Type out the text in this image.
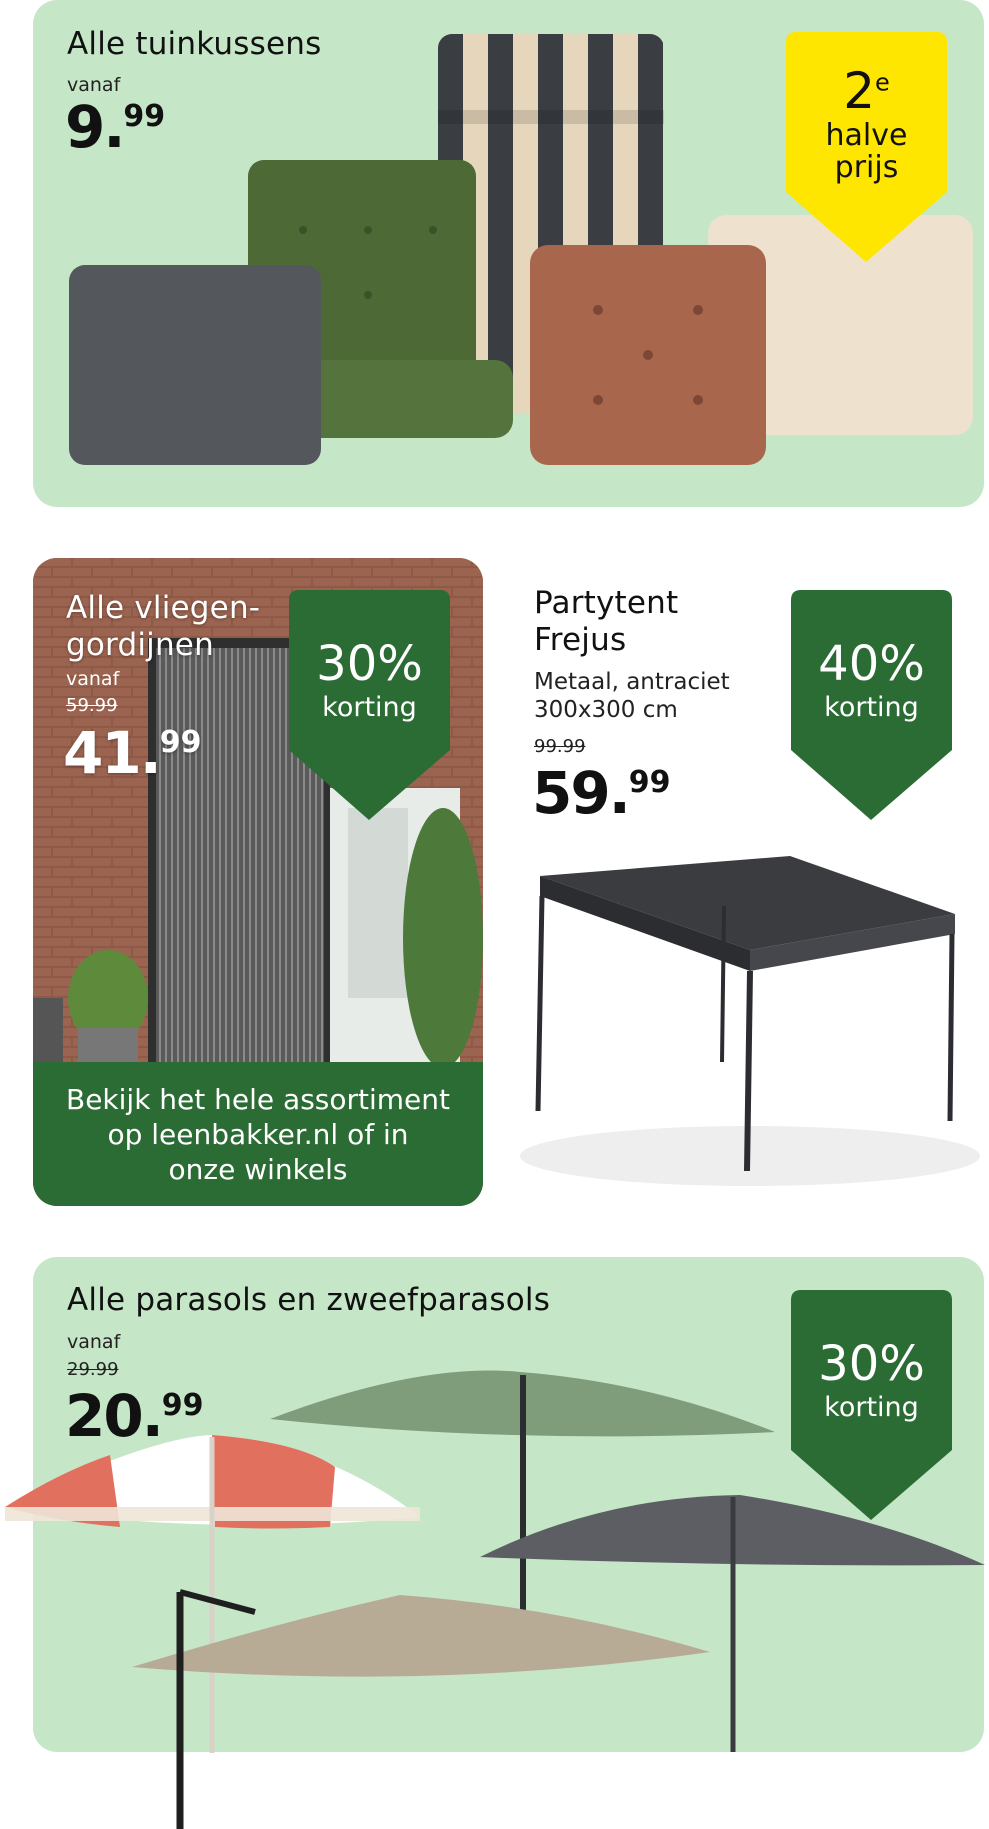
Alle tuinkussens
vanaf
9.99	2e
halve
prijs
Alle vliegen-
gordijnen
vanaf
59.99
41.99
30%
korting
Bekijk het hele assortiment
op leenbakker.nl of in
onze winkels
Partytent
Frejus
Metaal, antraciet
300x300 cm
99.99
59.99
40%
korting
Alle parasols en zweefparasols
vanaf
29.99
20.99
30%
korting
